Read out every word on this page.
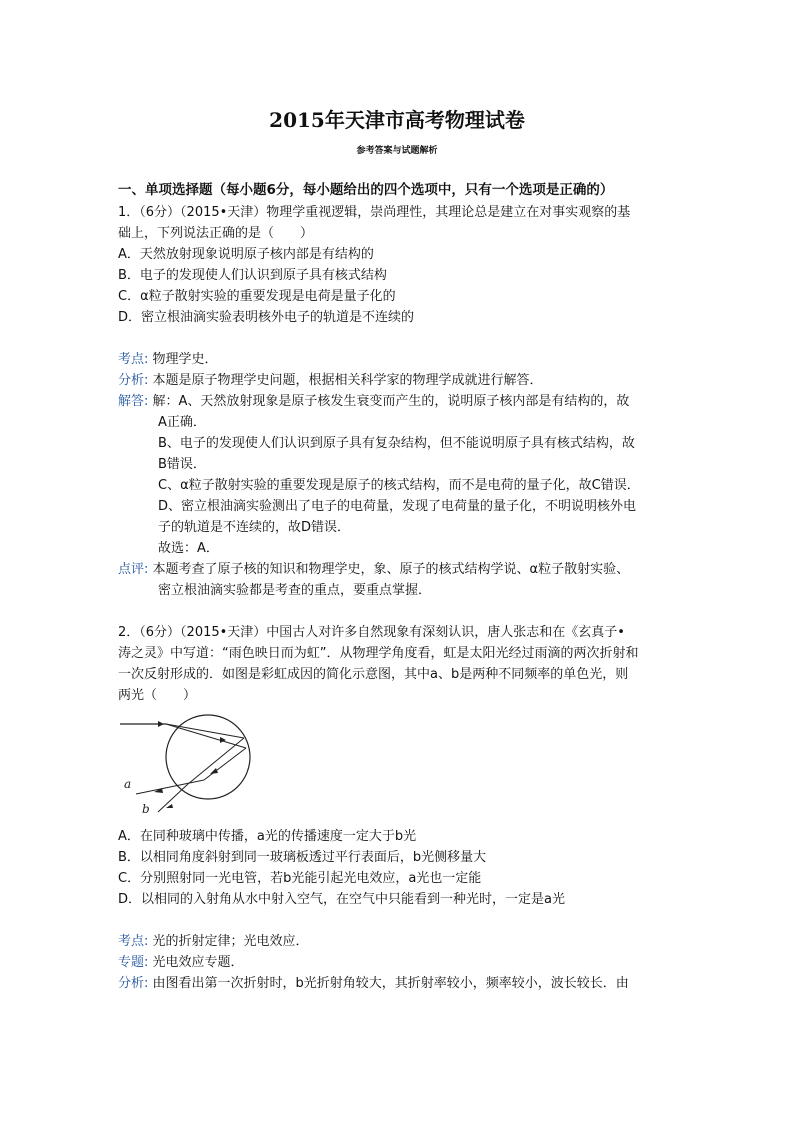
2015年天津市高考物理试卷
参考答案与试题解析
一、单项选择题（每小题6分，每小题给出的四个选项中，只有一个选项是正确的）
1．（6分）（2015•天津）物理学重视逻辑，崇尚理性，其理论总是建立在对事实观察的基
础上，下列说法正确的是（　　）
A．天然放射现象说明原子核内部是有结构的
B．电子的发现使人们认识到原子具有核式结构
C．α粒子散射实验的重要发现是电荷是量子化的
D．密立根油滴实验表明核外电子的轨道是不连续的
考点: 物理学史．
分析: 本题是原子物理学史问题，根据相关科学家的物理学成就进行解答．
解答: 解：A、天然放射现象是原子核发生衰变而产生的，说明原子核内部是有结构的，故
A正确．
B、电子的发现使人们认识到原子具有复杂结构，但不能说明原子具有核式结构，故
B错误．
C、α粒子散射实验的重要发现是原子的核式结构，而不是电荷的量子化，故C错误．
D、密立根油滴实验测出了电子的电荷量，发现了电荷量的量子化，不明说明核外电
子的轨道是不连续的，故D错误．
故选：A．
点评: 本题考查了原子核的知识和物理学史，象、原子的核式结构学说、α粒子散射实验、
密立根油滴实验都是考查的重点，要重点掌握．
2．（6分）（2015•天津）中国古人对许多自然现象有深刻认识，唐人张志和在《玄真子•
涛之灵》中写道：“雨色映日而为虹”．从物理学角度看，虹是太阳光经过雨滴的两次折射和
一次反射形成的．如图是彩虹成因的简化示意图，其中a、b是两种不同频率的单色光，则
两光（　　）
a
b
A．在同种玻璃中传播，a光的传播速度一定大于b光
B．以相同角度斜射到同一玻璃板透过平行表面后，b光侧移量大
C．分别照射同一光电管，若b光能引起光电效应，a光也一定能
D．以相同的入射角从水中射入空气，在空气中只能看到一种光时，一定是a光
考点: 光的折射定律；光电效应．
专题: 光电效应专题．
分析: 由图看出第一次折射时，b光折射角较大，其折射率较小，频率较小，波长较长．由
